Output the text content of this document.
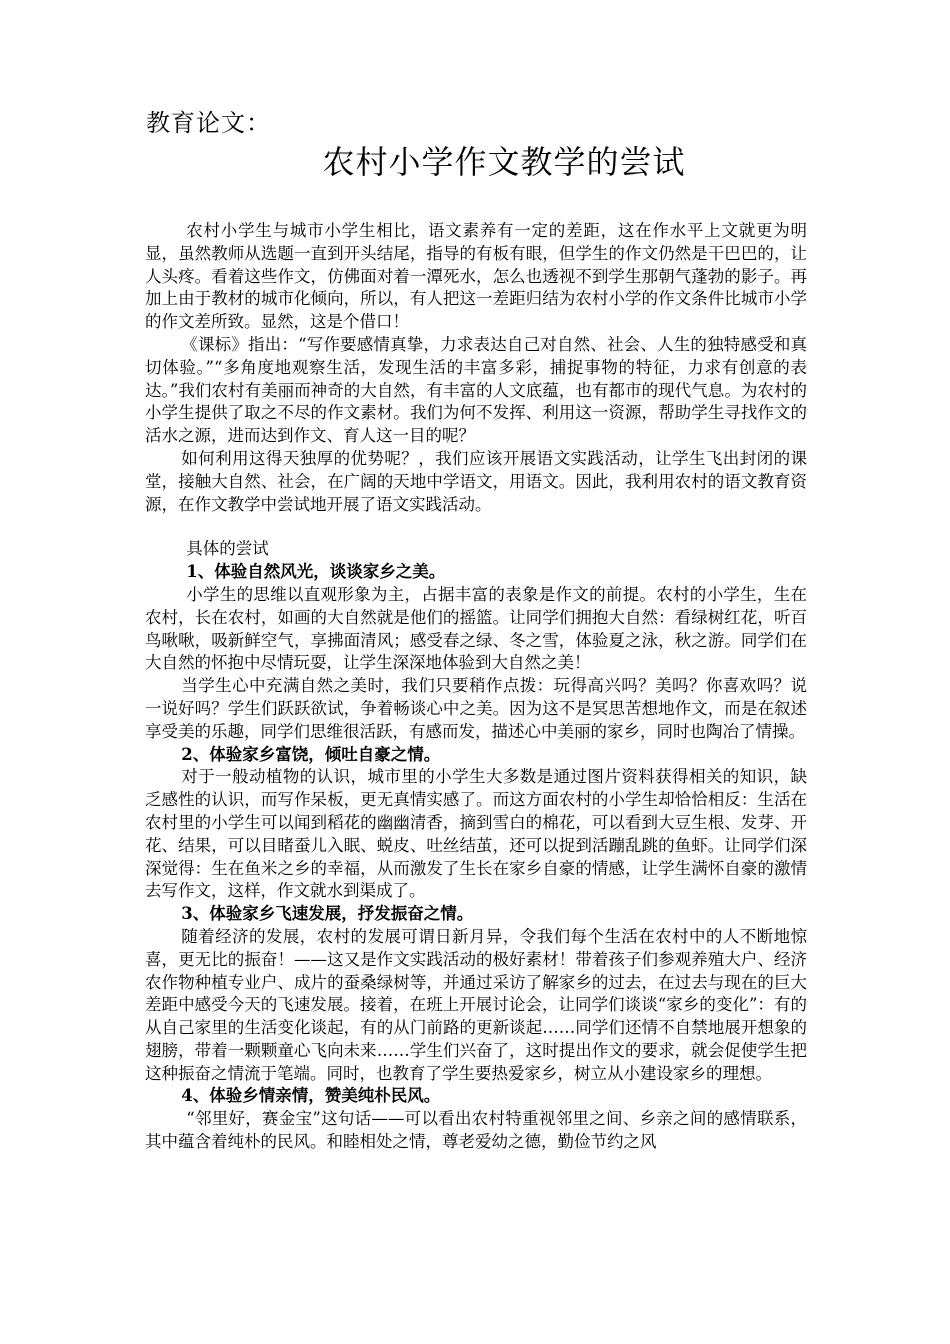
教育论文：
农村小学作文教学的尝试

农村小学生与城市小学生相比，语文素养有一定的差距，这在作水平上文就更为明显，虽然教师从选题一直到开头结尾，指导的有板有眼，但学生的作文仍然是干巴巴的，让人头疼。看着这些作文，仿佛面对着一潭死水，怎么也透视不到学生那朝气蓬勃的影子。再加上由于教材的城市化倾向，所以，有人把这一差距归结为农村小学的作文条件比城市小学的作文差所致。显然，这是个借口！

《课标》指出：“写作要感情真挚，力求表达自己对自然、社会、人生的独特感受和真切体验。”“多角度地观察生活，发现生活的丰富多彩，捕捉事物的特征，力求有创意的表达。”我们农村有美丽而神奇的大自然，有丰富的人文底蕴，也有都市的现代气息。为农村的小学生提供了取之不尽的作文素材。我们为何不发挥、利用这一资源，帮助学生寻找作文的活水之源，进而达到作文、育人这一目的呢？

如何利用这得天独厚的优势呢？，我们应该开展语文实践活动，让学生飞出封闭的课堂，接触大自然、社会，在广阔的天地中学语文，用语文。因此，我利用农村的语文教育资源，在作文教学中尝试地开展了语文实践活动。

具体的尝试

1、体验自然风光，谈谈家乡之美。

小学生的思维以直观形象为主，占据丰富的表象是作文的前提。农村的小学生，生在农村，长在农村，如画的大自然就是他们的摇篮。让同学们拥抱大自然：看绿树红花，听百鸟啾啾，吸新鲜空气，享拂面清风；感受春之绿、冬之雪，体验夏之泳，秋之游。同学们在大自然的怀抱中尽情玩耍，让学生深深地体验到大自然之美！

当学生心中充满自然之美时，我们只要稍作点拨：玩得高兴吗？美吗？你喜欢吗？说一说好吗？学生们跃跃欲试，争着畅谈心中之美。因为这不是冥思苦想地作文，而是在叙述享受美的乐趣，同学们思维很活跃，有感而发，描述心中美丽的家乡，同时也陶冶了情操。

2、体验家乡富饶，倾吐自豪之情。

对于一般动植物的认识，城市里的小学生大多数是通过图片资料获得相关的知识，缺乏感性的认识，而写作呆板，更无真情实感了。而这方面农村的小学生却恰恰相反：生活在农村里的小学生可以闻到稻花的幽幽清香，摘到雪白的棉花，可以看到大豆生根、发芽、开花、结果，可以目睹蚕儿入眠、蜕皮、吐丝结茧，还可以捉到活蹦乱跳的鱼虾。让同学们深深觉得：生在鱼米之乡的幸福，从而激发了生长在家乡自豪的情感，让学生满怀自豪的激情去写作文，这样，作文就水到渠成了。

3、体验家乡飞速发展，抒发振奋之情。

随着经济的发展，农村的发展可谓日新月异，令我们每个生活在农村中的人不断地惊喜，更无比的振奋！——这又是作文实践活动的极好素材！带着孩子们参观养殖大户、经济农作物种植专业户、成片的蚕桑绿树等，并通过采访了解家乡的过去，在过去与现在的巨大差距中感受今天的飞速发展。接着，在班上开展讨论会，让同学们谈谈“家乡的变化”：有的从自己家里的生活变化谈起，有的从门前路的更新谈起……同学们还情不自禁地展开想象的翅膀，带着一颗颗童心飞向未来……学生们兴奋了，这时提出作文的要求，就会促使学生把这种振奋之情流于笔端。同时，也教育了学生要热爱家乡，树立从小建设家乡的理想。

4、体验乡情亲情，赞美纯朴民风。

“邻里好，赛金宝”这句话——可以看出农村特重视邻里之间、乡亲之间的感情联系，其中蕴含着纯朴的民风。和睦相处之情，尊老爱幼之德，勤俭节约之风
